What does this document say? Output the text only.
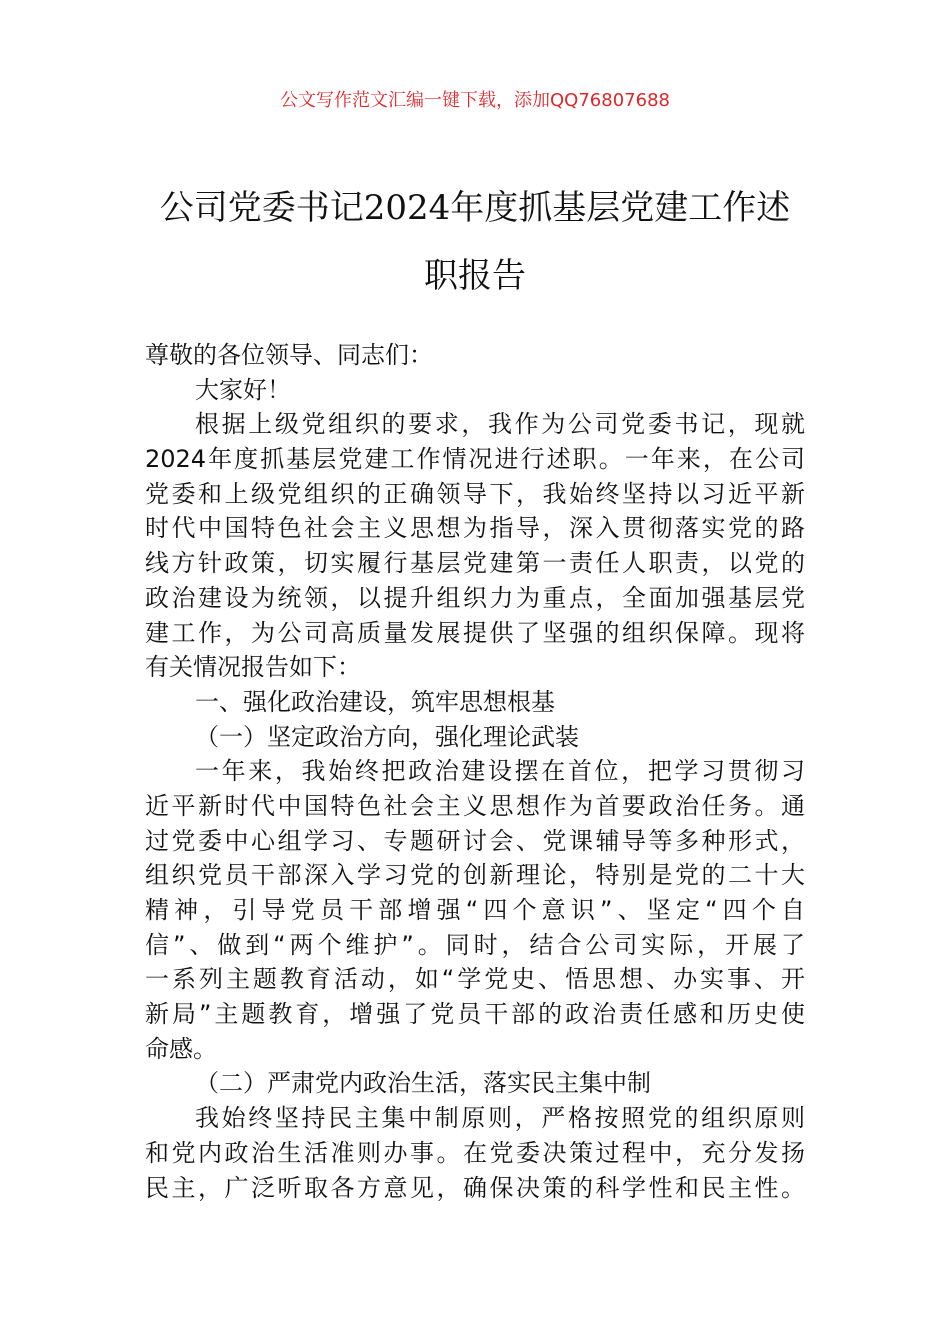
公文写作范文汇编一键下载，添加QQ76807688
公司党委书记2024年度抓基层党建工作述
职报告
尊敬的各位领导、同志们：
大家好！
根据上级党组织的要求，我作为公司党委书记，现就
2024年度抓基层党建工作情况进行述职。一年来，在公司
党委和上级党组织的正确领导下，我始终坚持以习近平新
时代中国特色社会主义思想为指导，深入贯彻落实党的路
线方针政策，切实履行基层党建第一责任人职责，以党的
政治建设为统领，以提升组织力为重点，全面加强基层党
建工作，为公司高质量发展提供了坚强的组织保障。现将
有关情况报告如下：
一、强化政治建设，筑牢思想根基
（一）坚定政治方向，强化理论武装
一年来，我始终把政治建设摆在首位，把学习贯彻习
近平新时代中国特色社会主义思想作为首要政治任务。通
过党委中心组学习、专题研讨会、党课辅导等多种形式，
组织党员干部深入学习党的创新理论，特别是党的二十大
精神，引导党员干部增强“四个意识”、坚定“四个自
信”、做到“两个维护”。同时，结合公司实际，开展了
一系列主题教育活动，如“学党史、悟思想、办实事、开
新局”主题教育，增强了党员干部的政治责任感和历史使
命感。
（二）严肃党内政治生活，落实民主集中制
我始终坚持民主集中制原则，严格按照党的组织原则
和党内政治生活准则办事。在党委决策过程中，充分发扬
民主，广泛听取各方意见，确保决策的科学性和民主性。
